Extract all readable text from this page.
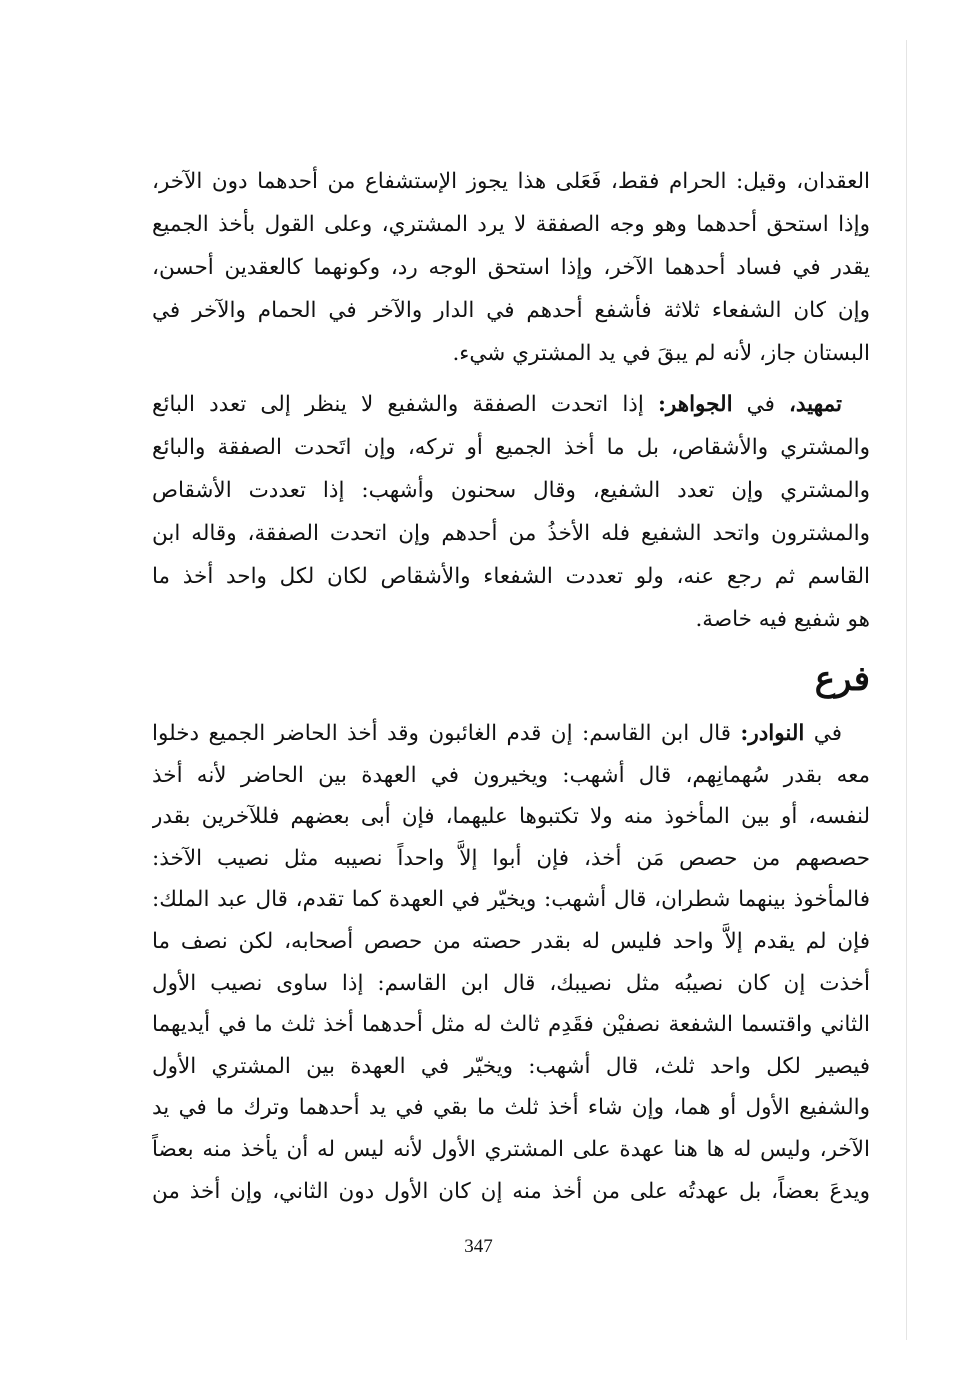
العقدان، وقيل: الحرام فقط، فَعَلى هذا يجوز الإستشفاع من أحدهما دون الآخر،
وإذا استحق أحدهما وهو وجه الصفقة لا يرد المشتري، وعلى القول بأخذ الجميع
يقدر في فساد أحدهما الآخر، وإذا استحق الوجه رد، وكونهما كالعقدين أحسن،
وإن كان الشفعاء ثلاثة فأشفع أحدهم في الدار والآخر في الحمام والآخر في
البستان جاز، لأنه لم يبقَ في يد المشتري شيء.
تمهيد، في الجواهر: إذا اتحدت الصفقة والشفيع لا ينظر إلى تعدد البائع
والمشتري والأشقاص، بل ما أخذ الجميع أو تركه، وإن اتَحدت الصفقة والبائع
والمشتري وإن تعدد الشفيع، وقال سحنون وأشهب: إذا تعددت الأشقاص
والمشترون واتحد الشفيع فله الأخذُ من أحدهم وإن اتحدت الصفقة، وقاله ابن
القاسم ثم رجع عنه، ولو تعددت الشفعاء والأشقاص لكان لكل واحد أخذ ما
هو شفيع فيه خاصة.
فرع
في النوادر: قال ابن القاسم: إن قدم الغائبون وقد أخذ الحاضر الجميع دخلوا
معه بقدر سُهمانِهم، قال أشهب: ويخيرون في العهدة بين الحاضر لأنه أخذ
لنفسه، أو بين المأخوذ منه ولا تكتبوها عليهما، فإن أبى بعضهم فللآخرين بقدر
حصصهم من حصص مَن أخذ، فإن أبوا إلاَّ واحداً نصيبه مثل نصيب الآخذ:
فالمأخوذ بينهما شطران، قال أشهب: ويخيّر في العهدة كما تقدم، قال عبد الملك:
فإن لم يقدم إلاَّ واحد فليس له بقدر حصته من حصص أصحابه، لكن نصف ما
أخذت إن كان نصيبُه مثل نصيبك، قال ابن القاسم: إذا ساوى نصيب الأول
الثاني واقتسما الشفعة نصفيْن فقَدِم ثالث له مثل أحدهما أخذ ثلث ما في أيديهما
فيصير لكل واحد ثلث، قال أشهب: ويخيّر في العهدة بين المشتري الأول
والشفيع الأول أو هما، وإن شاء أخذ ثلث ما بقي في يد أحدهما وترك ما في يد
الآخر، وليس له ها هنا عهدة على المشتري الأول لأنه ليس له أن يأخذ منه بعضاً
ويدعَ بعضاً، بل عهدتُه على من أخذ منه إن كان الأول دون الثاني، وإن أخذ من
347
